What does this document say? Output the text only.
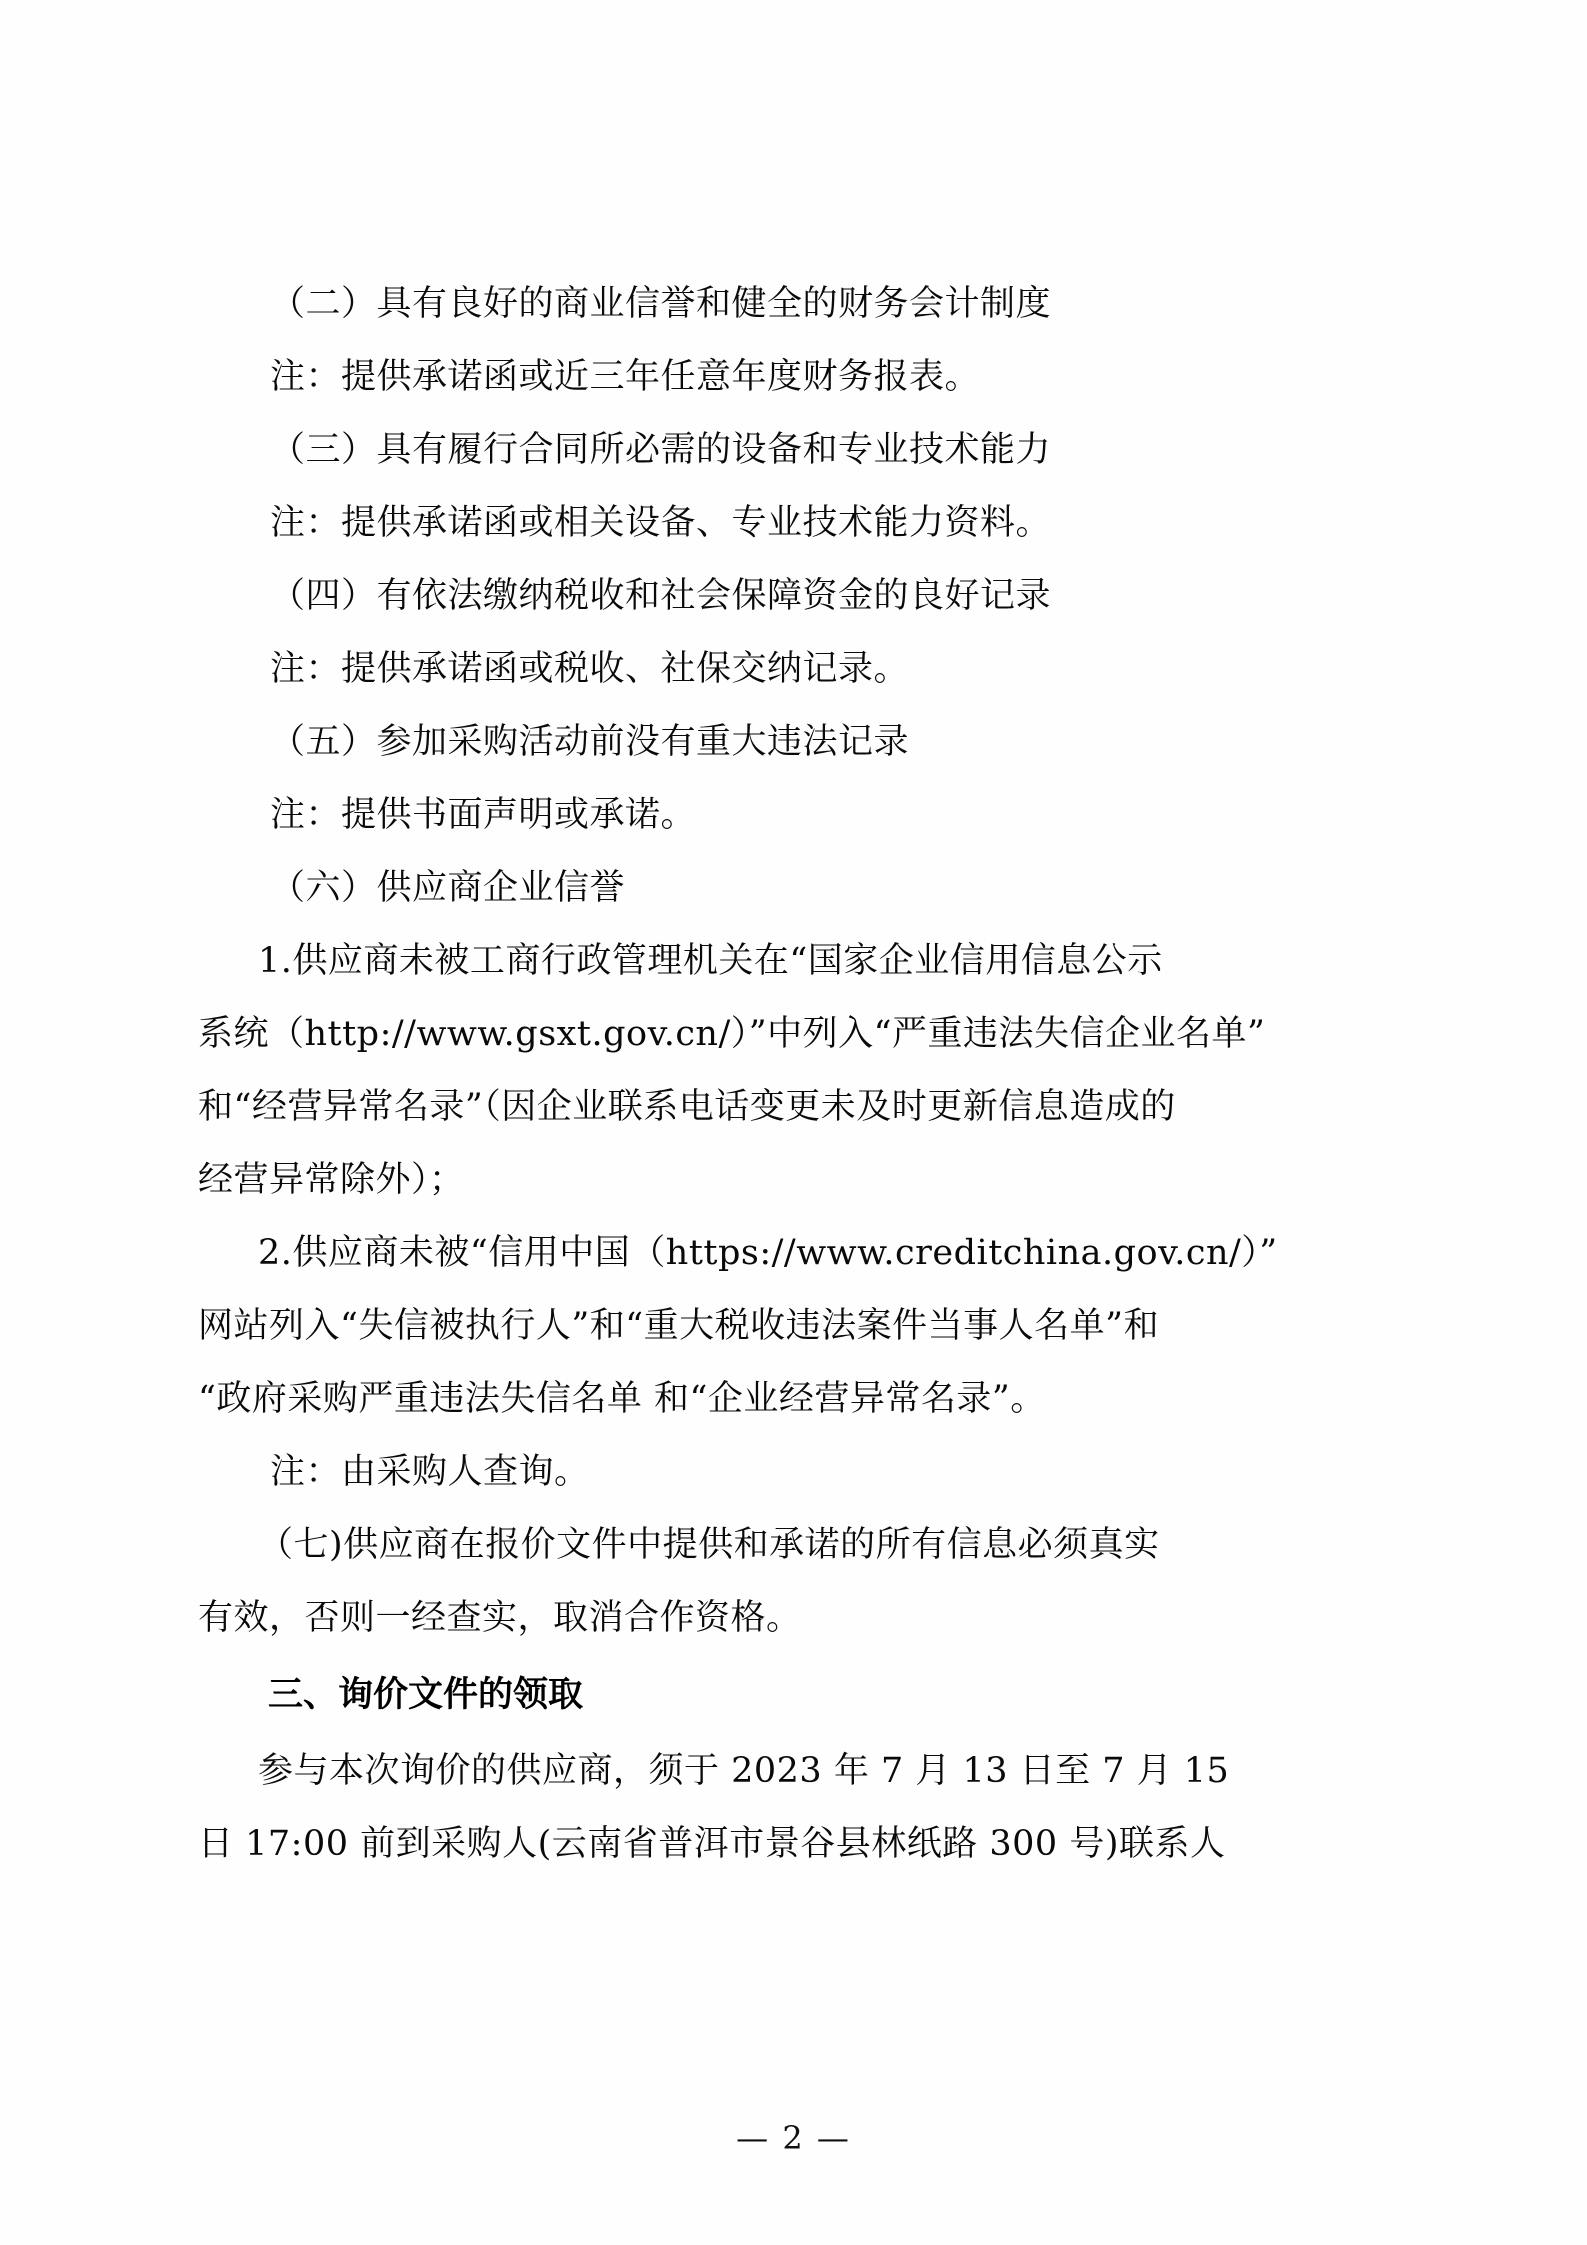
（二）具有良好的商业信誉和健全的财务会计制度
注：提供承诺函或近三年任意年度财务报表。
（三）具有履行合同所必需的设备和专业技术能力
注：提供承诺函或相关设备、专业技术能力资料。
（四）有依法缴纳税收和社会保障资金的良好记录
注：提供承诺函或税收、社保交纳记录。
（五）参加采购活动前没有重大违法记录
注：提供书面声明或承诺。
（六）供应商企业信誉
1.供应商未被工商行政管理机关在“国家企业信用信息公示
系统（http://www.gsxt.gov.cn/）”中列入“严重违法失信企业名单”
和“经营异常名录”（因企业联系电话变更未及时更新信息造成的
经营异常除外）；
2.供应商未被“信用中国（https://www.creditchina.gov.cn/）”
网站列入“失信被执行人”和“重大税收违法案件当事人名单”和
“政府采购严重违法失信名单 和“企业经营异常名录”。
注：由采购人查询。
（七)供应商在报价文件中提供和承诺的所有信息必须真实
有效，否则一经查实，取消合作资格。
三、询价文件的领取
参与本次询价的供应商，须于 2023 年 7 月 13 日至 7 月 15
日 17:00 前到采购人(云南省普洱市景谷县林纸路 300 号)联系人
— 2 —
